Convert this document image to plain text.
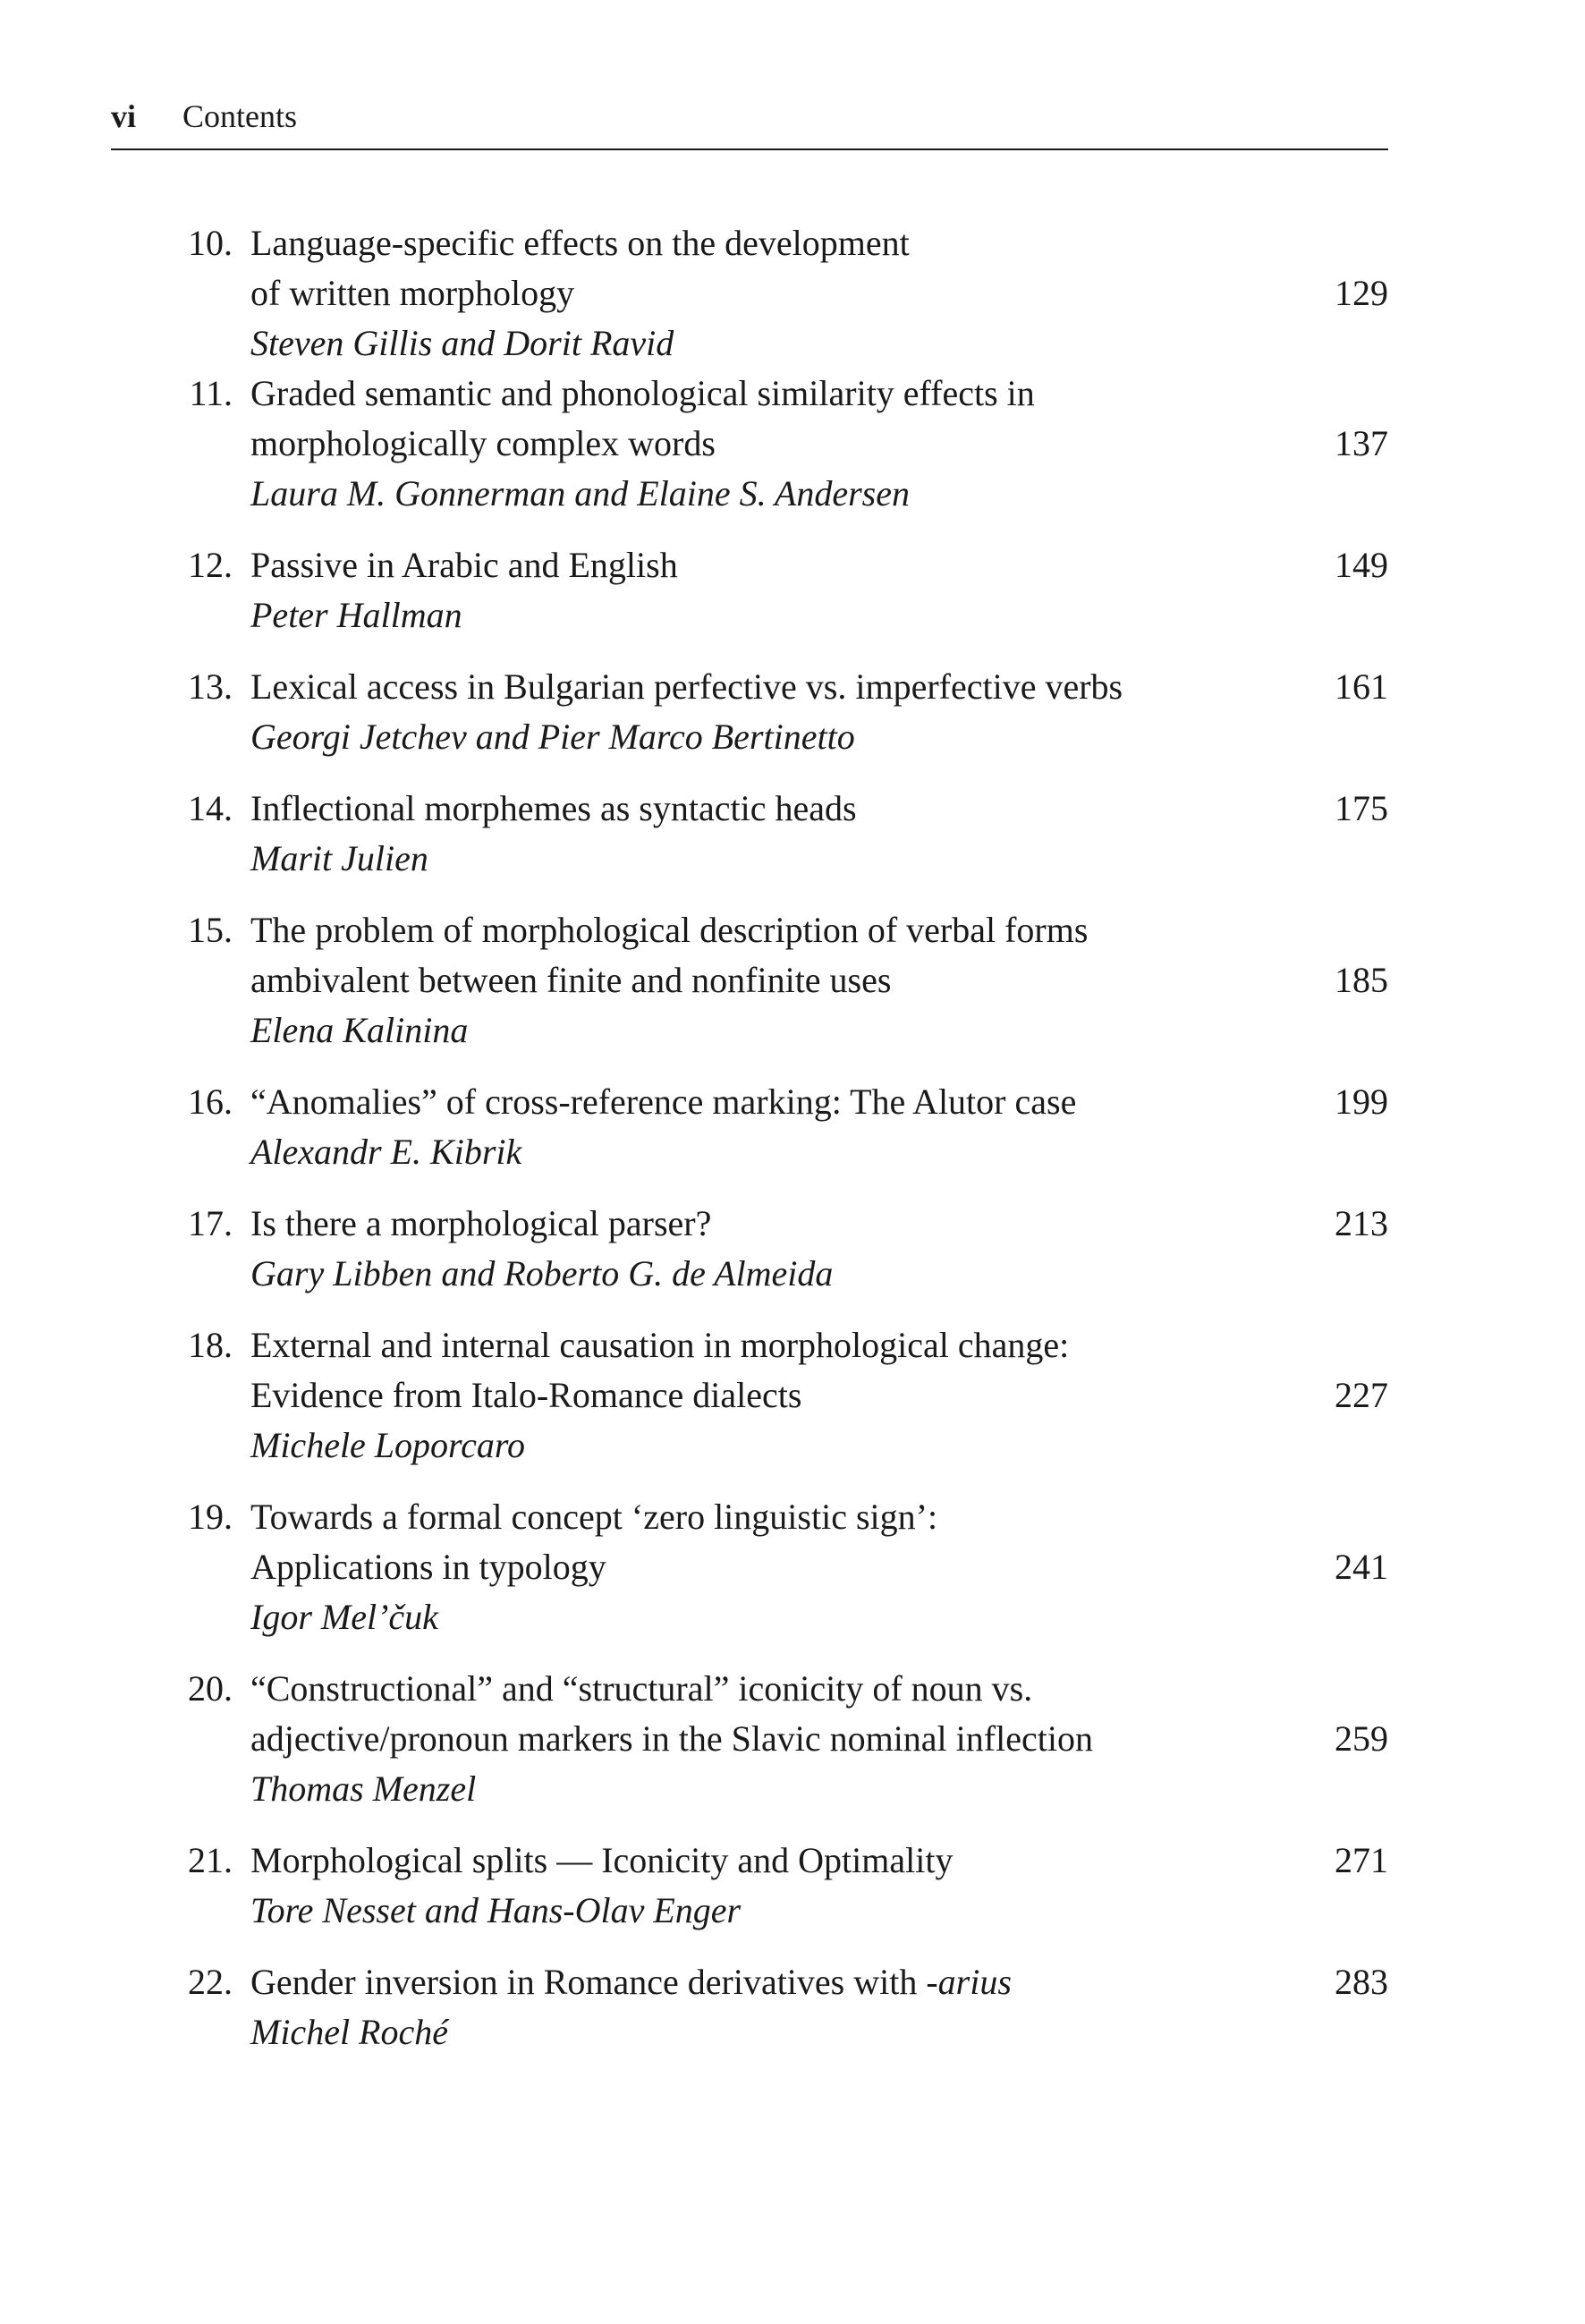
vi Contents
10. Language-specific effects on the development
of written morphology	129
Steven Gillis and Dorit Ravid
11. Graded semantic and phonological similarity effects in
morphologically complex words	137
Laura M. Gonnerman and Elaine S. Andersen
12. Passive in Arabic and English	149
Peter Hallman
13. Lexical access in Bulgarian perfective vs. imperfective verbs	161
Georgi Jetchev and Pier Marco Bertinetto
14. Inflectional morphemes as syntactic heads	175
Marit Julien
15. The problem of morphological description of verbal forms
ambivalent between finite and nonfinite uses	185
Elena Kalinina
16. “Anomalies” of cross-reference marking: The Alutor case	199
Alexandr E. Kibrik
17. Is there a morphological parser?	213
Gary Libben and Roberto G. de Almeida
18. External and internal causation in morphological change:
Evidence from Italo-Romance dialects	227
Michele Loporcaro
19. Towards a formal concept ‘zero linguistic sign’:
Applications in typology	241
Igor Mel’čuk
20. “Constructional” and “structural” iconicity of noun vs.
adjective/pronoun markers in the Slavic nominal inflection	259
Thomas Menzel
21. Morphological splits — Iconicity and Optimality	271
Tore Nesset and Hans-Olav Enger
22. Gender inversion in Romance derivatives with -arius	283
Michel Roché
